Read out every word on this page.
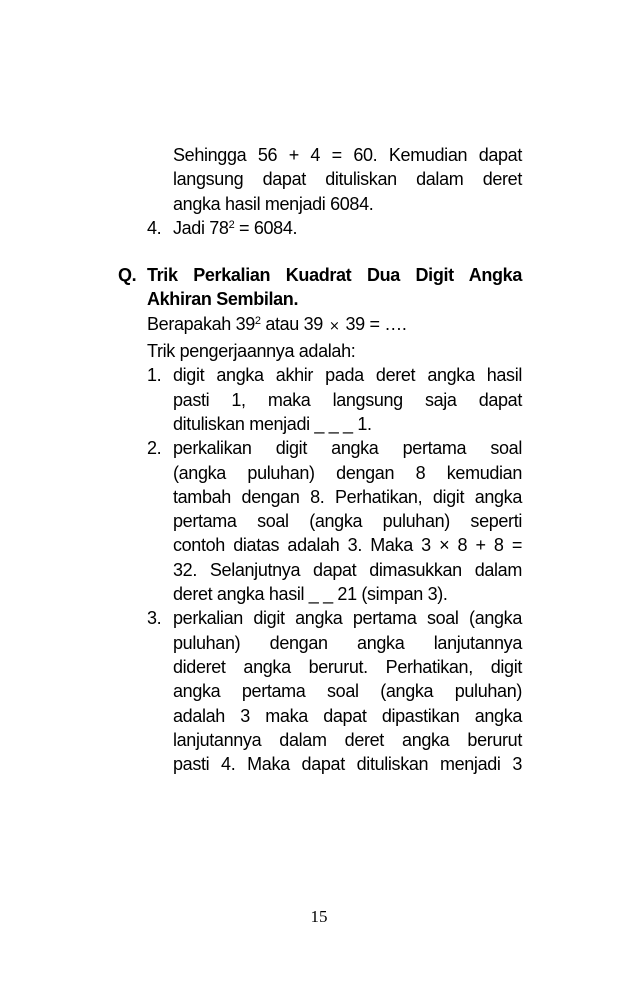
Sehingga 56 + 4 = 60. Kemudian dapat
langsung dapat dituliskan dalam deret
angka hasil menjadi 6084.
4. Jadi $78^2 = 6084$.
Q. Trik Perkalian Kuadrat Dua Digit Angka
Akhiran Sembilan.
Berapakah $39^2$ atau 39 × 39 = ….
Trik pengerjaannya adalah:
1. digit angka akhir pada deret angka hasil
pasti 1, maka langsung saja dapat
dituliskan menjadi _ _ _ 1.
2. perkalikan digit angka pertama soal
(angka puluhan) dengan 8 kemudian
tambah dengan 8. Perhatikan, digit angka
pertama soal (angka puluhan) seperti
contoh diatas adalah 3. Maka 3 × 8 + 8 =
32. Selanjutnya dapat dimasukkan dalam
deret angka hasil _ _ 21 (simpan 3).
3. perkalian digit angka pertama soal (angka
puluhan) dengan angka lanjutannya
dideret angka berurut. Perhatikan, digit
angka pertama soal (angka puluhan)
adalah 3 maka dapat dipastikan angka
lanjutannya dalam deret angka berurut
pasti 4. Maka dapat dituliskan menjadi 3
15
